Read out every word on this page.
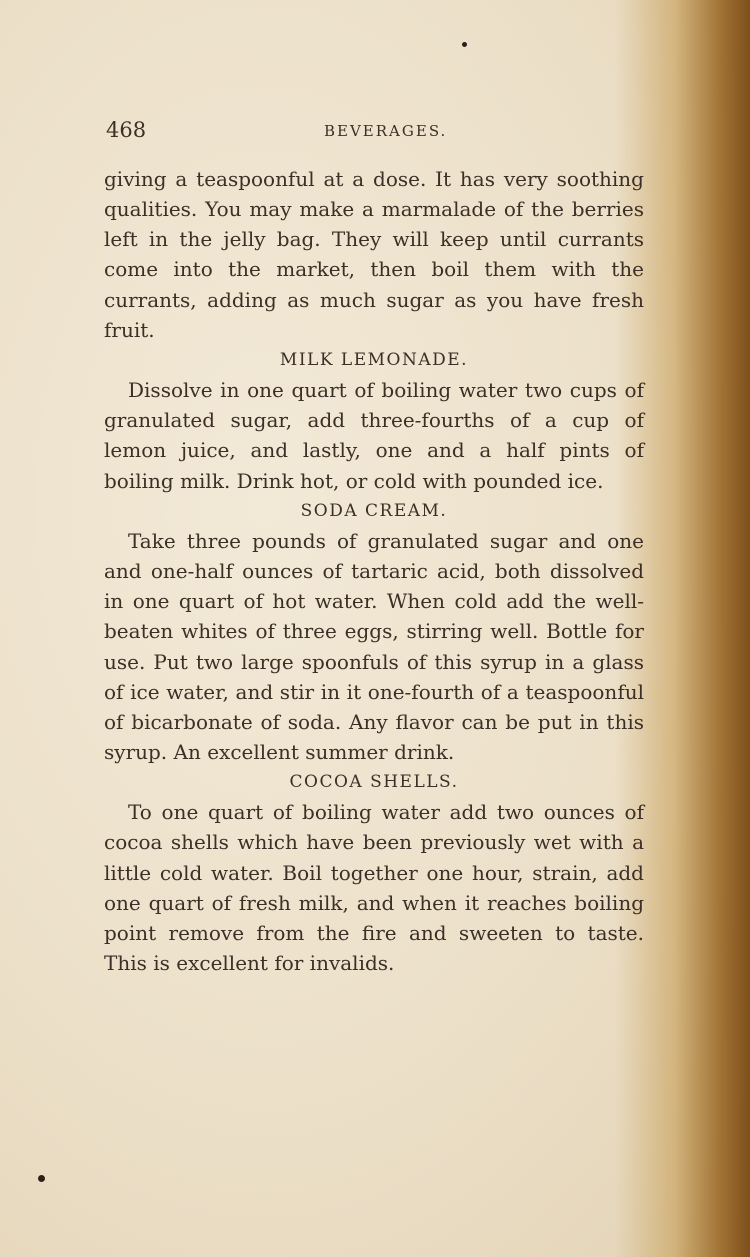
468	BEVERAGES.

giving a teaspoonful at a dose. It has very soothing qualities. You may make a marmalade of the berries left in the jelly bag. They will keep until currants come into the market, then boil them with the currants, adding as much sugar as you have fresh fruit.

MILK LEMONADE.

Dissolve in one quart of boiling water two cups of granulated sugar, add three-fourths of a cup of lemon juice, and lastly, one and a half pints of boiling milk. Drink hot, or cold with pounded ice.

SODA CREAM.

Take three pounds of granulated sugar and one and one-half ounces of tartaric acid, both dissolved in one quart of hot water. When cold add the well-beaten whites of three eggs, stirring well. Bottle for use. Put two large spoonfuls of this syrup in a glass of ice water, and stir in it one-fourth of a teaspoonful of bicarbonate of soda. Any flavor can be put in this syrup. An excellent summer drink.

COCOA SHELLS.

To one quart of boiling water add two ounces of cocoa shells which have been previously wet with a little cold water. Boil together one hour, strain, add one quart of fresh milk, and when it reaches boiling point remove from the fire and sweeten to taste. This is excellent for invalids.
